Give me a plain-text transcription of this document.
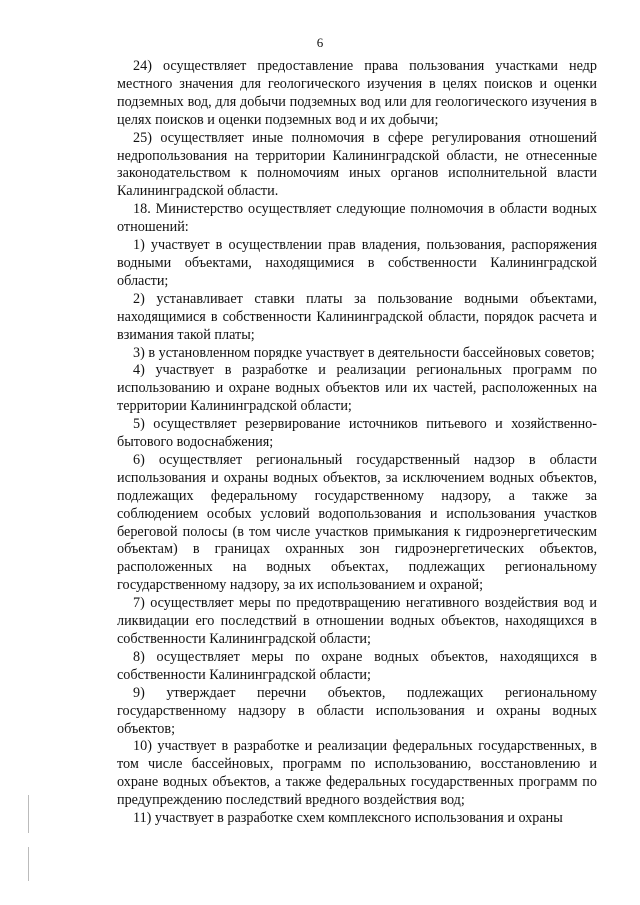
6

24) осуществляет предоставление права пользования участками недр местного значения для геологического изучения в целях поисков и оценки подземных вод, для добычи подземных вод или для геологического изучения в целях поисков и оценки подземных вод и их добычи;

25) осуществляет иные полномочия в сфере регулирования отношений недропользования на территории Калининградской области, не отнесенные законодательством к полномочиям иных органов исполнительной власти Калининградской области.

18. Министерство осуществляет следующие полномочия в области водных отношений:

1) участвует в осуществлении прав владения, пользования, распоряжения водными объектами, находящимися в собственности Калининградской области;

2) устанавливает ставки платы за пользование водными объектами, находящимися в собственности Калининградской области, порядок расчета и взимания такой платы;

3) в установленном порядке участвует в деятельности бассейновых советов;

4) участвует в разработке и реализации региональных программ по использованию и охране водных объектов или их частей, расположенных на территории Калининградской области;

5) осуществляет резервирование источников питьевого и хозяйственно-бытового водоснабжения;

6) осуществляет региональный государственный надзор в области использования и охраны водных объектов, за исключением водных объектов, подлежащих федеральному государственному надзору, а также за соблюдением особых условий водопользования и использования участков береговой полосы (в том числе участков примыкания к гидроэнергетическим объектам) в границах охранных зон гидроэнергетических объектов, расположенных на водных объектах, подлежащих региональному государственному надзору, за их использованием и охраной;

7) осуществляет меры по предотвращению негативного воздействия вод и ликвидации его последствий в отношении водных объектов, находящихся в собственности Калининградской области;

8) осуществляет меры по охране водных объектов, находящихся в собственности Калининградской области;

9) утверждает перечни объектов, подлежащих региональному государственному надзору в области использования и охраны водных объектов;

10) участвует в разработке и реализации федеральных государственных, в том числе бассейновых, программ по использованию, восстановлению и охране водных объектов, а также федеральных государственных программ по предупреждению последствий вредного воздействия вод;

11) участвует в разработке схем комплексного использования и охраны
